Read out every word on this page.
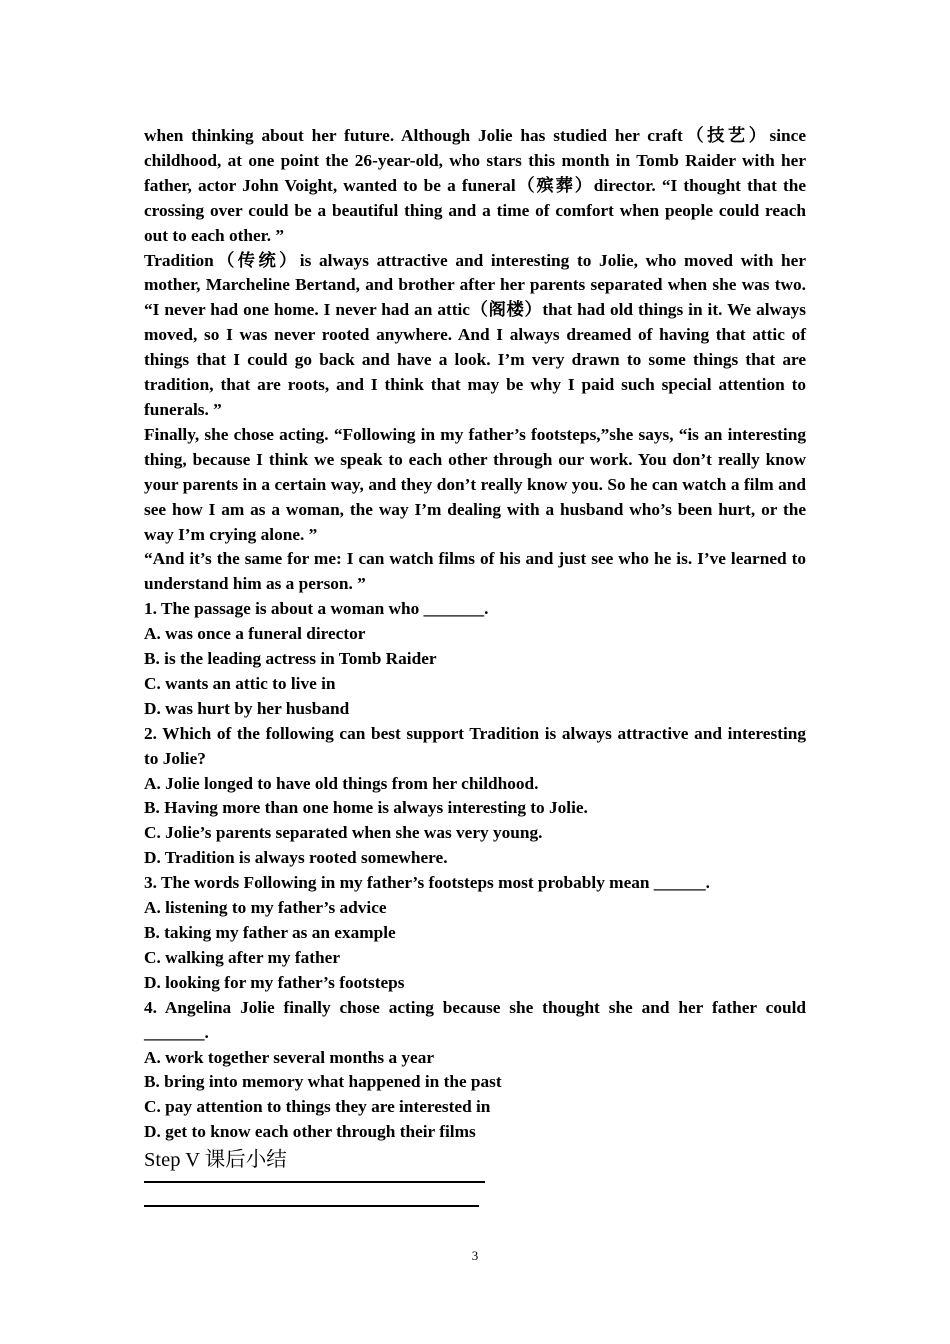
when thinking about her future. Although Jolie has studied her craft（技艺）since childhood, at one point the 26-year-old, who stars this month in Tomb Raider with her father, actor John Voight, wanted to be a funeral（殡葬）director. “I thought that the crossing over could be a beautiful thing and a time of comfort when people could reach out to each other. ”

Tradition（传统）is always attractive and interesting to Jolie, who moved with her mother, Marcheline Bertand, and brother after her parents separated when she was two. “I never had one home. I never had an attic（阁楼）that had old things in it. We always moved, so I was never rooted anywhere. And I always dreamed of having that attic of things that I could go back and have a look. I’m very drawn to some things that are tradition, that are roots, and I think that may be why I paid such special attention to funerals. ”

Finally, she chose acting. “Following in my father’s footsteps,”she says, “is an interesting thing, because I think we speak to each other through our work. You don’t really know your parents in a certain way, and they don’t really know you. So he can watch a film and see how I am as a woman, the way I’m dealing with a husband who’s been hurt, or the way I’m crying alone. ”

“And it’s the same for me: I can watch films of his and just see who he is. I’ve learned to understand him as a person. ”

1. The passage is about a woman who _______.

A. was once a funeral director

B. is the leading actress in Tomb Raider

C. wants an attic to live in

D. was hurt by her husband

2. Which of the following can best support Tradition is always attractive and interesting to Jolie?

A. Jolie longed to have old things from her childhood.

B. Having more than one home is always interesting to Jolie.

C. Jolie’s parents separated when she was very young.

D. Tradition is always rooted somewhere.

3. The words Following in my father’s footsteps most probably mean ______.

A. listening to my father’s advice

B. taking my father as an example

C. walking after my father

D. looking for my father’s footsteps

4. Angelina Jolie finally chose acting because she thought she and her father could _______.

A. work together several months a year

B. bring into memory what happened in the past

C. pay attention to things they are interested in

D. get to know each other through their films

Step V 课后小结

3
